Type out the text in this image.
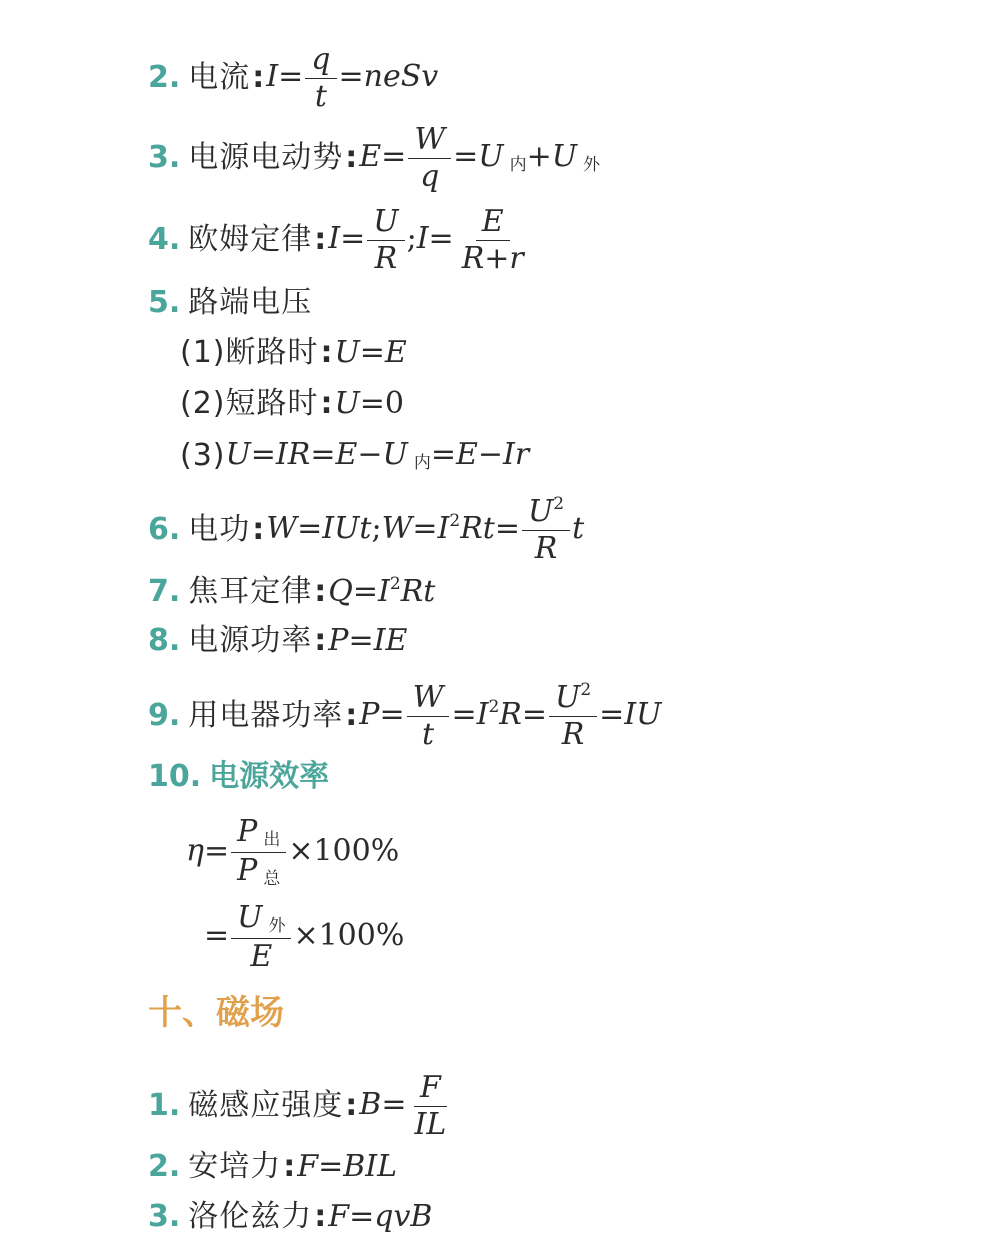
2. 电流 : $I= \frac{q}{t}$ =neSv
3. 电源电动势 : $E= \frac{W}{q} =U$ $_内$+U $_外$
4. 欧姆定律 : $I= \frac{U}{R}$ ;I= $\frac{E}{R+r}$
5. 路端电压
(1)断路时 : U=E
(2)短路时 : U=0
(3) U=IR=E−U $_内$=E−Ir
6. 电功 : $W=IUt;W=I^2Rt= \frac{U^2}{R}$ t
7. 焦耳定律 : $Q=I^2Rt$
8. 电源功率 : P=IE
9. 用电器功率 : $P= \frac{W}{t} =I^2R= \frac{U^2}{R} =IU$
10. 电源效率
$\eta= \frac{P _出}{P _总} \times 100\%$
= $\frac{U _外}{E} \times 100\%$
十、磁场
1. 磁感应强度 : $B= \frac{F}{IL}$
2. 安培力 : F=BIL
3. 洛伦兹力 : F=qvB
